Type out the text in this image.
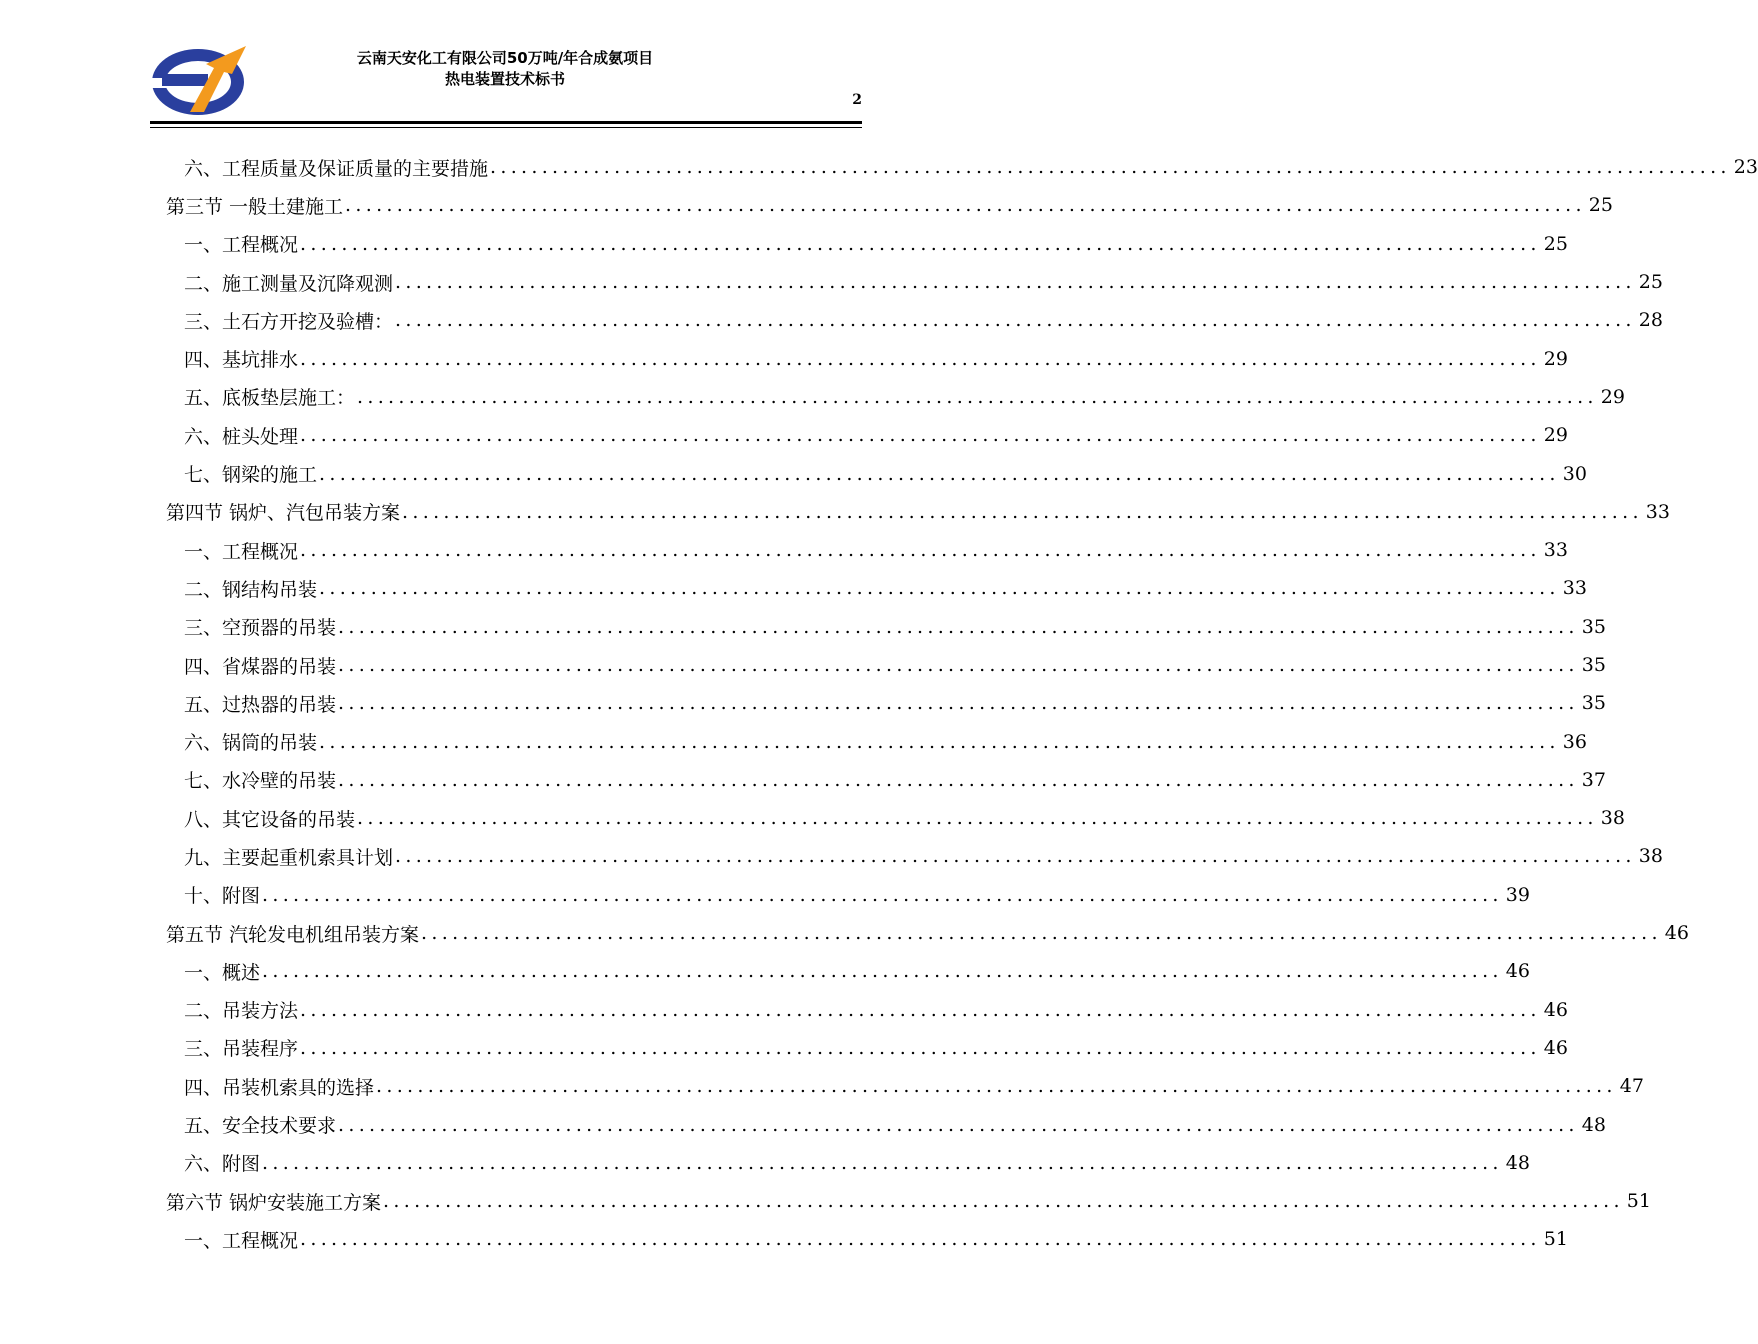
云南天安化工有限公司50万吨/年合成氨项目
热电装置技术标书
2
六、工程质量及保证质量的主要措施 ........................................................................................................................ 23
第三节 一般土建施工 ........................................................................................................................ 25
一、工程概况 ........................................................................................................................ 25
二、施工测量及沉降观测 ........................................................................................................................ 25
三、土石方开挖及验槽： ........................................................................................................................ 28
四、基坑排水 ........................................................................................................................ 29
五、底板垫层施工： ........................................................................................................................ 29
六、桩头处理 ........................................................................................................................ 29
七、钢梁的施工 ........................................................................................................................ 30
第四节 锅炉、汽包吊装方案 ........................................................................................................................ 33
一、工程概况 ........................................................................................................................ 33
二、钢结构吊装 ........................................................................................................................ 33
三、空预器的吊装 ........................................................................................................................ 35
四、省煤器的吊装 ........................................................................................................................ 35
五、过热器的吊装 ........................................................................................................................ 35
六、锅筒的吊装 ........................................................................................................................ 36
七、水冷壁的吊装 ........................................................................................................................ 37
八、其它设备的吊装 ........................................................................................................................ 38
九、主要起重机索具计划 ........................................................................................................................ 38
十、附图 ........................................................................................................................ 39
第五节 汽轮发电机组吊装方案 ........................................................................................................................ 46
一、概述 ........................................................................................................................ 46
二、吊装方法 ........................................................................................................................ 46
三、吊装程序 ........................................................................................................................ 46
四、吊装机索具的选择 ........................................................................................................................ 47
五、安全技术要求 ........................................................................................................................ 48
六、附图 ........................................................................................................................ 48
第六节 锅炉安装施工方案 ........................................................................................................................ 51
一、工程概况 ........................................................................................................................ 51
